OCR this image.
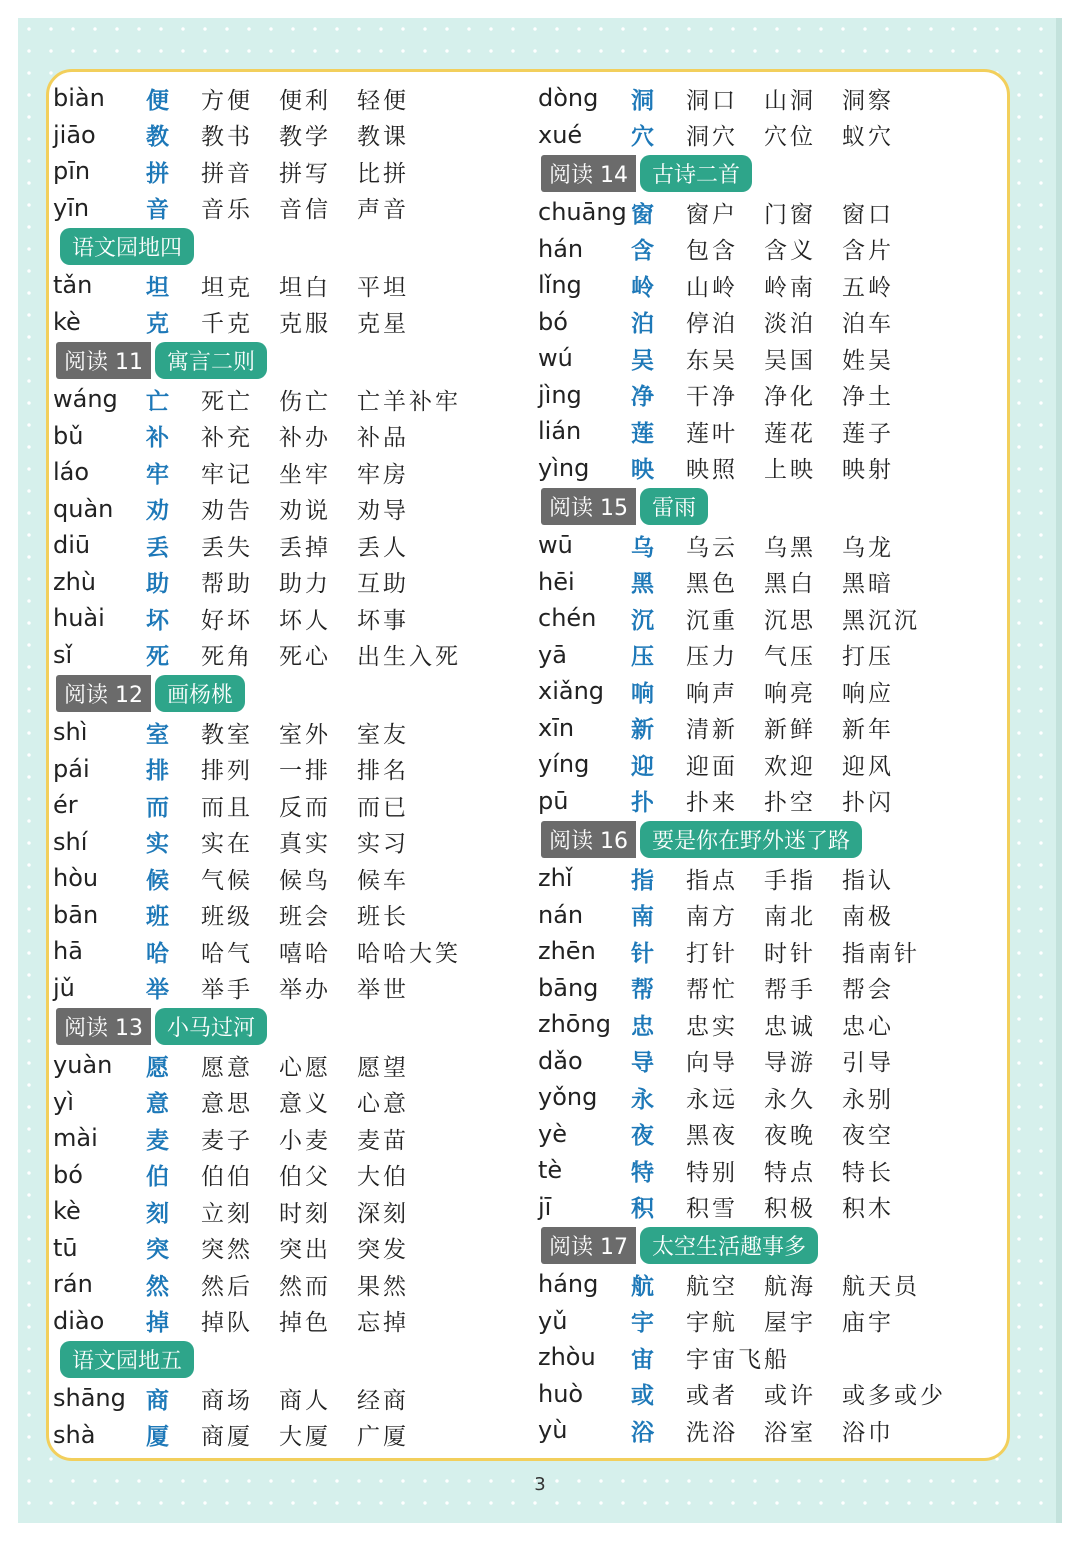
biàn	便	方便	便利	轻便
jiāo	教	教书	教学	教课
pīn	拼	拼音	拼写	比拼
yīn	音	音乐	音信	声音
语文园地四
tǎn	坦	坦克	坦白	平坦
kè	克	千克	克服	克星
阅读 11	寓言二则
wáng	亡	死亡	伤亡	亡羊补牢
bǔ	补	补充	补办	补品
láo	牢	牢记	坐牢	牢房
quàn	劝	劝告	劝说	劝导
diū	丢	丢失	丢掉	丢人
zhù	助	帮助	助力	互助
huài	坏	好坏	坏人	坏事
sǐ	死	死角	死心	出生入死
阅读 12	画杨桃
shì	室	教室	室外	室友
pái	排	排列	一排	排名
ér	而	而且	反而	而已
shí	实	实在	真实	实习
hòu	候	气候	候鸟	候车
bān	班	班级	班会	班长
hā	哈	哈气	嘻哈	哈哈大笑
jǔ	举	举手	举办	举世
阅读 13	小马过河
yuàn	愿	愿意	心愿	愿望
yì	意	意思	意义	心意
mài	麦	麦子	小麦	麦苗
bó	伯	伯伯	伯父	大伯
kè	刻	立刻	时刻	深刻
tū	突	突然	突出	突发
rán	然	然后	然而	果然
diào	掉	掉队	掉色	忘掉
语文园地五
shāng 商	商场	商人	经商
shà	厦	商厦	大厦	广厦
dòng	洞	洞口	山洞	洞察
xué	穴	洞穴	穴位	蚁穴
阅读 14	古诗二首
chuāng 窗	窗户	门窗	窗口
hán	含	包含	含义	含片
lǐng	岭	山岭	岭南	五岭
bó	泊	停泊	淡泊	泊车
wú	吴	东吴	吴国	姓吴
jìng	净	干净	净化	净土
lián	莲	莲叶	莲花	莲子
yìng	映	映照	上映	映射
阅读 15	雷雨
wū	乌	乌云	乌黑	乌龙
hēi	黑	黑色	黑白	黑暗
chén	沉	沉重	沉思	黑沉沉
yā	压	压力	气压	打压
xiǎng	响	响声	响亮	响应
xīn	新	清新	新鲜	新年
yíng	迎	迎面	欢迎	迎风
pū	扑	扑来	扑空	扑闪
阅读 16	要是你在野外迷了路
zhǐ	指	指点	手指	指认
nán	南	南方	南北	南极
zhēn	针	打针	时针	指南针
bāng	帮	帮忙	帮手	帮会
zhōng 忠	忠实	忠诚	忠心
dǎo	导	向导	导游	引导
yǒng	永	永远	永久	永别
yè	夜	黑夜	夜晚	夜空
tè	特	特别	特点	特长
jī	积	积雪	积极	积木
阅读 17	太空生活趣事多
háng	航	航空	航海	航天员
yǔ	宇	宇航	屋宇	庙宇
zhòu	宙	宇宙飞船
huò	或	或者	或许	或多或少
yù	浴	洗浴	浴室	浴巾
3
